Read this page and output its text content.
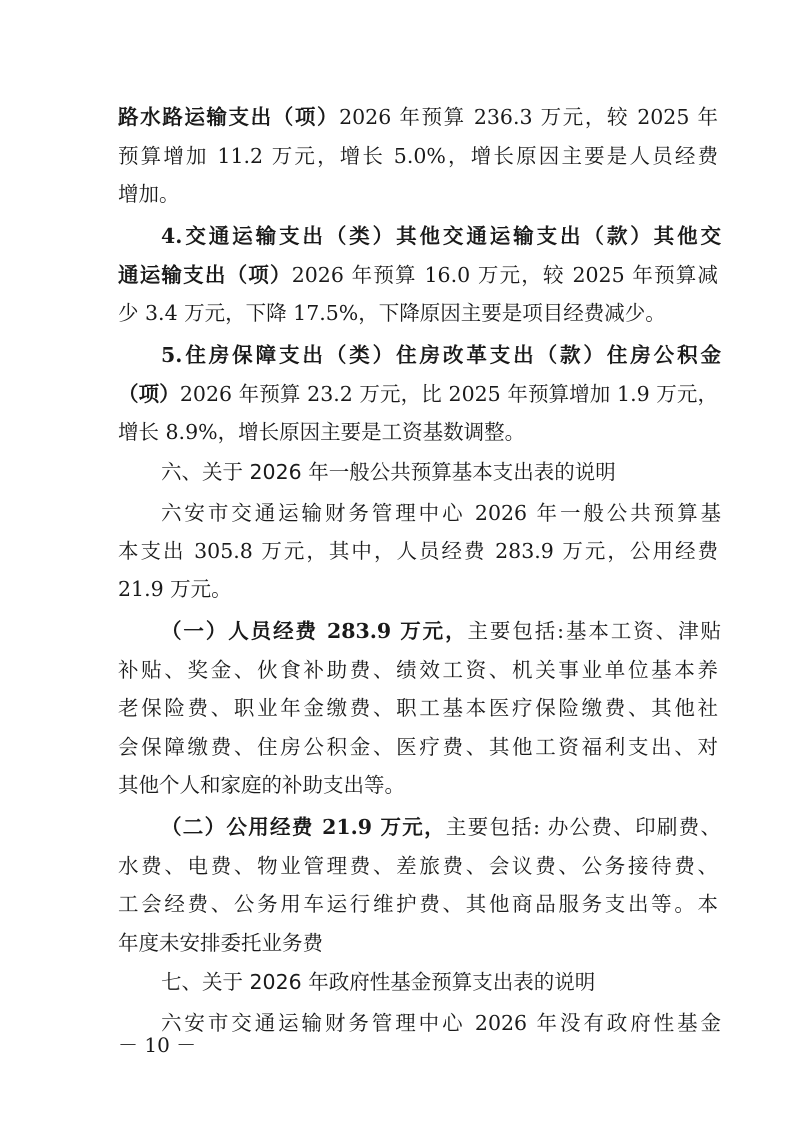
路水路运输支出（项）2026 年预算 236.3 万元，较 2025 年
预算增加 11.2 万元，增长 5.0%，增长原因主要是人员经费
增加。
4.交通运输支出（类）其他交通运输支出（款）其他交
通运输支出（项）2026 年预算 16.0 万元，较 2025 年预算减
少 3.4 万元，下降 17.5%，下降原因主要是项目经费减少。
5.住房保障支出（类）住房改革支出（款）住房公积金
（项）2026 年预算 23.2 万元，比 2025 年预算增加 1.9 万元，
增长 8.9%，增长原因主要是工资基数调整。
六、关于 2026 年一般公共预算基本支出表的说明
六安市交通运输财务管理中心 2026 年一般公共预算基
本支出 305.8 万元，其中，人员经费 283.9 万元，公用经费
21.9 万元。
（一）人员经费 283.9 万元，主要包括:基本工资、津贴
补贴、奖金、伙食补助费、绩效工资、机关事业单位基本养
老保险费、职业年金缴费、职工基本医疗保险缴费、其他社
会保障缴费、住房公积金、医疗费、其他工资福利支出、对
其他个人和家庭的补助支出等。
（二）公用经费 21.9 万元，主要包括: 办公费、印刷费、
水费、电费、物业管理费、差旅费、会议费、公务接待费、
工会经费、公务用车运行维护费、其他商品服务支出等。本
年度未安排委托业务费
七、关于 2026 年政府性基金预算支出表的说明
六安市交通运输财务管理中心 2026 年没有政府性基金
－ 10 －
